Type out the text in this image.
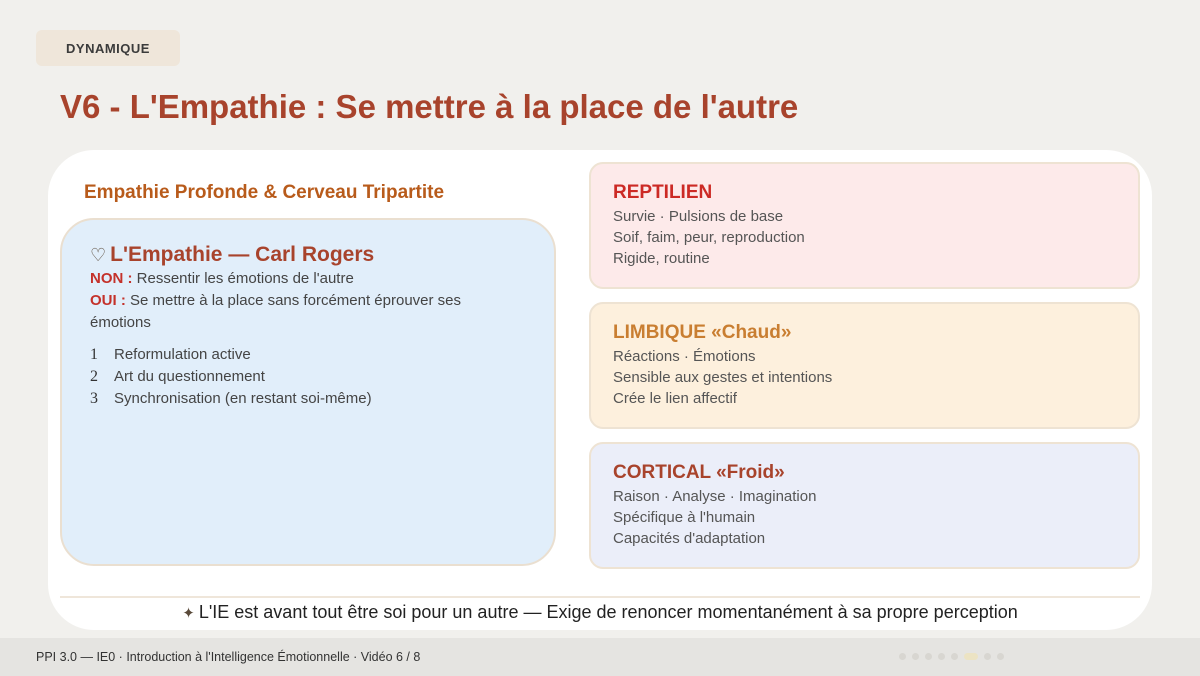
DYNAMIQUE
V6 - L'Empathie : Se mettre à la place de l'autre
Empathie Profonde & Cerveau Tripartite
♡ L'Empathie — Carl Rogers
NON : Ressentir les émotions de l'autre
OUI : Se mettre à la place sans forcément éprouver ses émotions
1	Reformulation active
2	Art du questionnement
3	Synchronisation (en restant soi-même)
REPTILIEN
Survie · Pulsions de base
Soif, faim, peur, reproduction
Rigide, routine
LIMBIQUE «Chaud»
Réactions · Émotions
Sensible aux gestes et intentions
Crée le lien affectif
CORTICAL «Froid»
Raison · Analyse · Imagination
Spécifique à l'humain
Capacités d'adaptation
✦ L'IE est avant tout être soi pour un autre — Exige de renoncer momentanément à sa propre perception
PPI 3.0 — IE0 · Introduction à l'Intelligence Émotionnelle · Vidéo 6 / 8
